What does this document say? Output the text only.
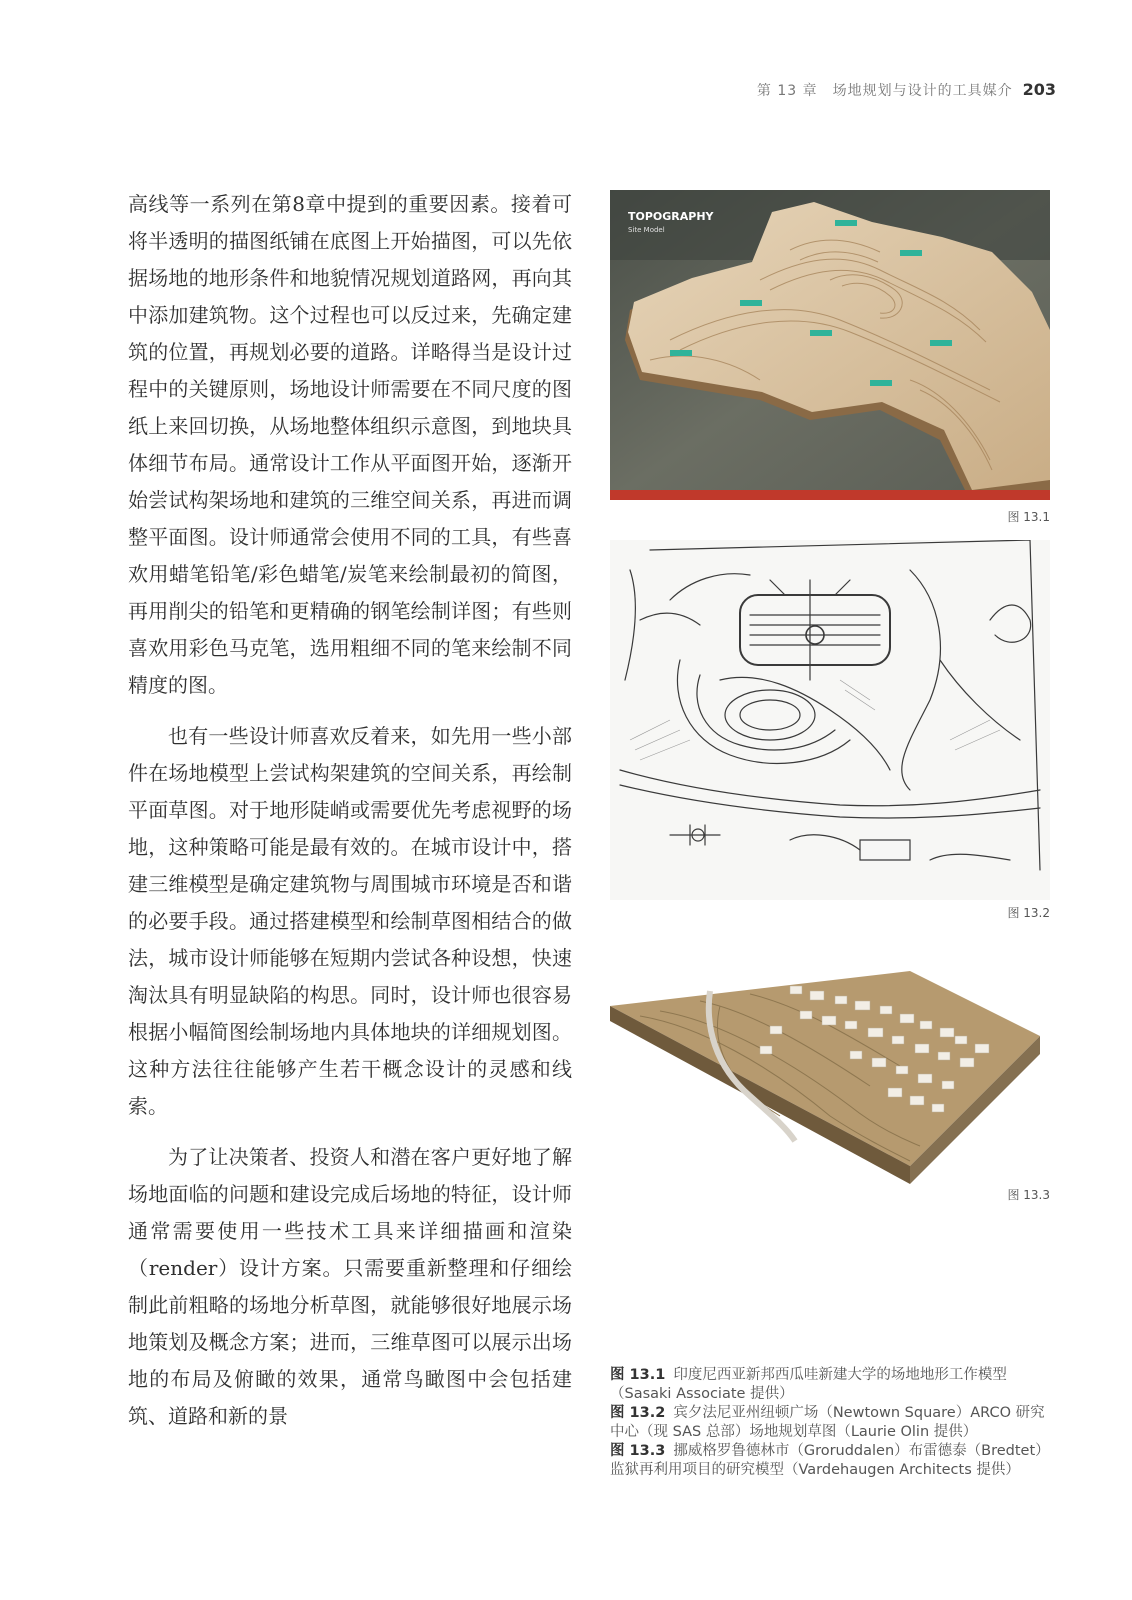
第 13 章　场地规划与设计的工具媒介 203

高线等一系列在第8章中提到的重要因素。接着可将半透明的描图纸铺在底图上开始描图，可以先依据场地的地形条件和地貌情况规划道路网，再向其中添加建筑物。这个过程也可以反过来，先确定建筑的位置，再规划必要的道路。详略得当是设计过程中的关键原则，场地设计师需要在不同尺度的图纸上来回切换，从场地整体组织示意图，到地块具体细节布局。通常设计工作从平面图开始，逐渐开始尝试构架场地和建筑的三维空间关系，再进而调整平面图。设计师通常会使用不同的工具，有些喜欢用蜡笔铅笔/彩色蜡笔/炭笔来绘制最初的简图，再用削尖的铅笔和更精确的钢笔绘制详图；有些则喜欢用彩色马克笔，选用粗细不同的笔来绘制不同精度的图。

也有一些设计师喜欢反着来，如先用一些小部件在场地模型上尝试构架建筑的空间关系，再绘制平面草图。对于地形陡峭或需要优先考虑视野的场地，这种策略可能是最有效的。在城市设计中，搭建三维模型是确定建筑物与周围城市环境是否和谐的必要手段。通过搭建模型和绘制草图相结合的做法，城市设计师能够在短期内尝试各种设想，快速淘汰具有明显缺陷的构思。同时，设计师也很容易根据小幅简图绘制场地内具体地块的详细规划图。这种方法往往能够产生若干概念设计的灵感和线索。

为了让决策者、投资人和潜在客户更好地了解场地面临的问题和建设完成后场地的特征，设计师通常需要使用一些技术工具来详细描画和渲染（render）设计方案。只需要重新整理和仔细绘制此前粗略的场地分析草图，就能够很好地展示场地策划及概念方案；进而，三维草图可以展示出场地的布局及俯瞰的效果，通常鸟瞰图中会包括建筑、道路和新的景

TOPOGRAPHY
Site Model
图 13.1
图 13.2
图 13.3
图 13.1 印度尼西亚新邦西瓜哇新建大学的场地地形工作模型（Sasaki Associate 提供）
图 13.2 宾夕法尼亚州纽顿广场（Newtown Square）ARCO 研究中心（现 SAS 总部）场地规划草图（Laurie Olin 提供）
图 13.3 挪威格罗鲁德林市（Groruddalen）布雷德泰（Bredtet）监狱再利用项目的研究模型（Vardehaugen Architects 提供）
